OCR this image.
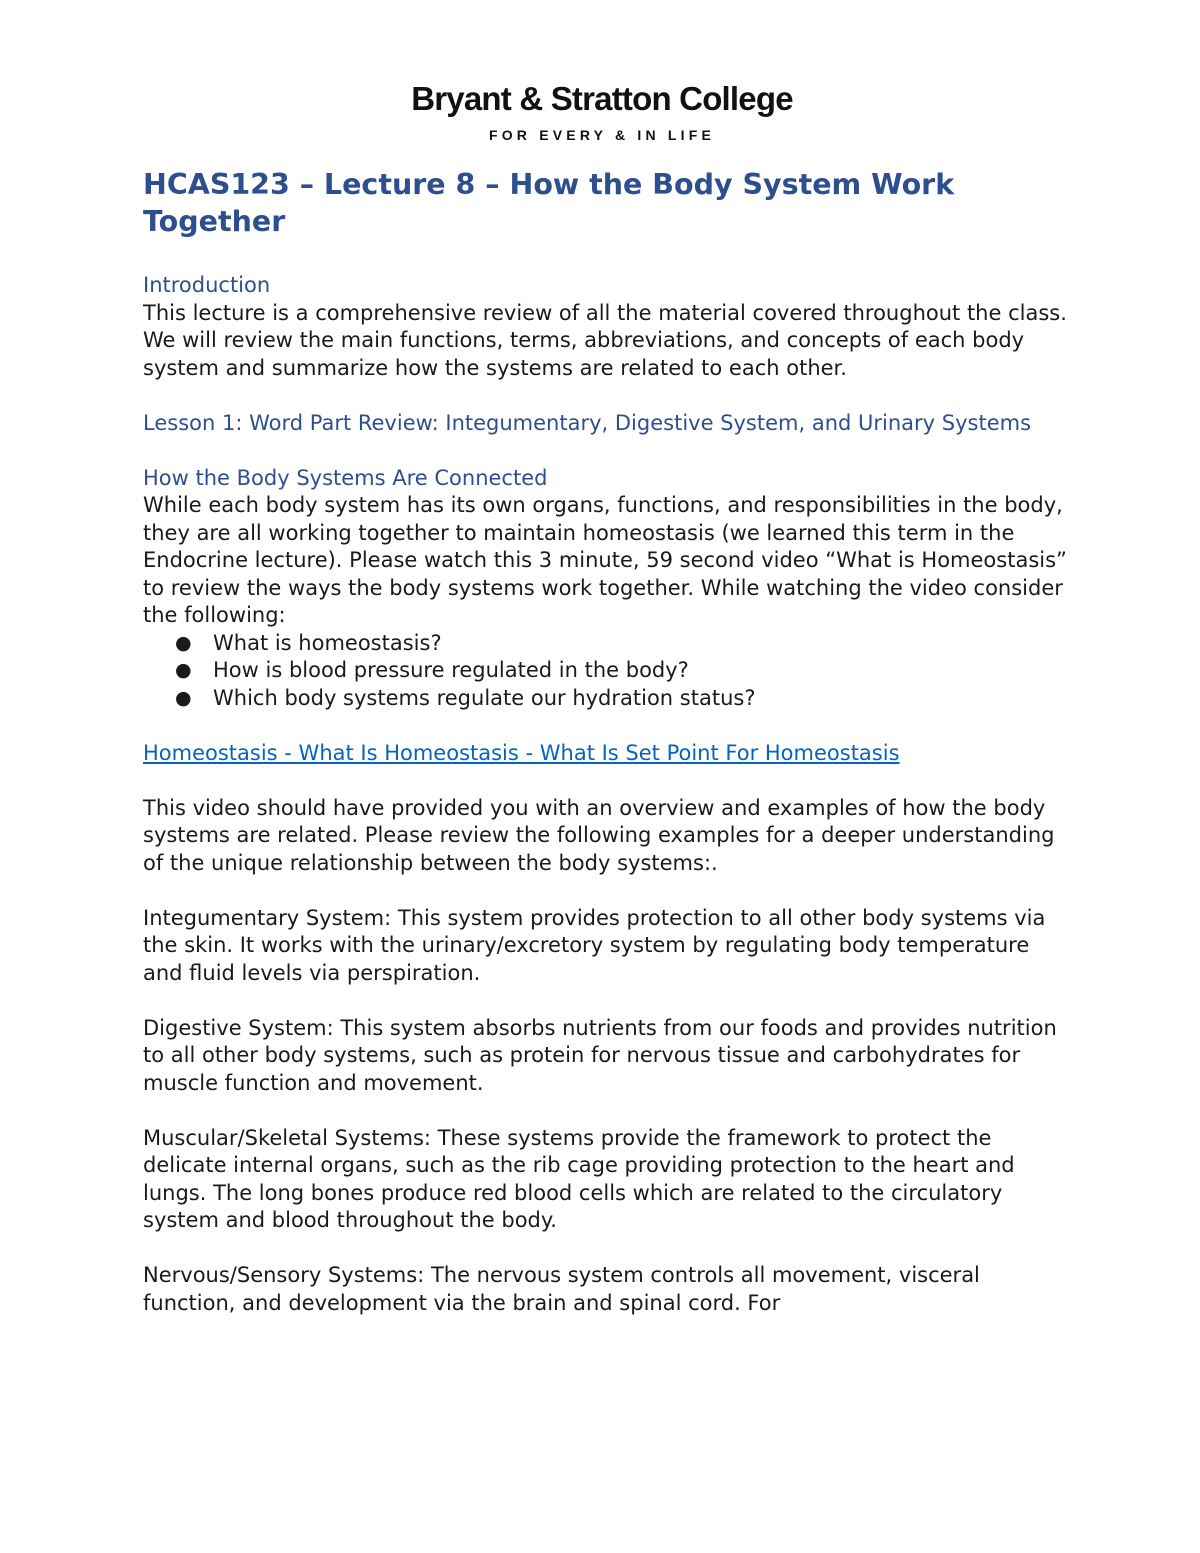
Bryant & Stratton College
FOR EVERY & IN LIFE
HCAS123 – Lecture 8 – How the Body System Work Together
Introduction

This lecture is a comprehensive review of all the material covered throughout the class. We will review the main functions, terms, abbreviations, and concepts of each body system and summarize how the systems are related to each other.

Lesson 1: Word Part Review: Integumentary, Digestive System, and Urinary Systems
How the Body Systems Are Connected

While each body system has its own organs, functions, and responsibilities in the body, they are all working together to maintain homeostasis (we learned this term in the Endocrine lecture). Please watch this 3 minute, 59 second video “What is Homeostasis” to review the ways the body systems work together. While watching the video consider the following:

● What is homeostasis?
● How is blood pressure regulated in the body?
● Which body systems regulate our hydration status?

Homeostasis - What Is Homeostasis - What Is Set Point For Homeostasis

This video should have provided you with an overview and examples of how the body systems are related. Please review the following examples for a deeper understanding of the unique relationship between the body systems:.

Integumentary System: This system provides protection to all other body systems via the skin. It works with the urinary/excretory system by regulating body temperature and fluid levels via perspiration.

Digestive System: This system absorbs nutrients from our foods and provides nutrition to all other body systems, such as protein for nervous tissue and carbohydrates for muscle function and movement.

Muscular/Skeletal Systems: These systems provide the framework to protect the delicate internal organs, such as the rib cage providing protection to the heart and lungs. The long bones produce red blood cells which are related to the circulatory system and blood throughout the body.

Nervous/Sensory Systems: The nervous system controls all movement, visceral function, and development via the brain and spinal cord. For
